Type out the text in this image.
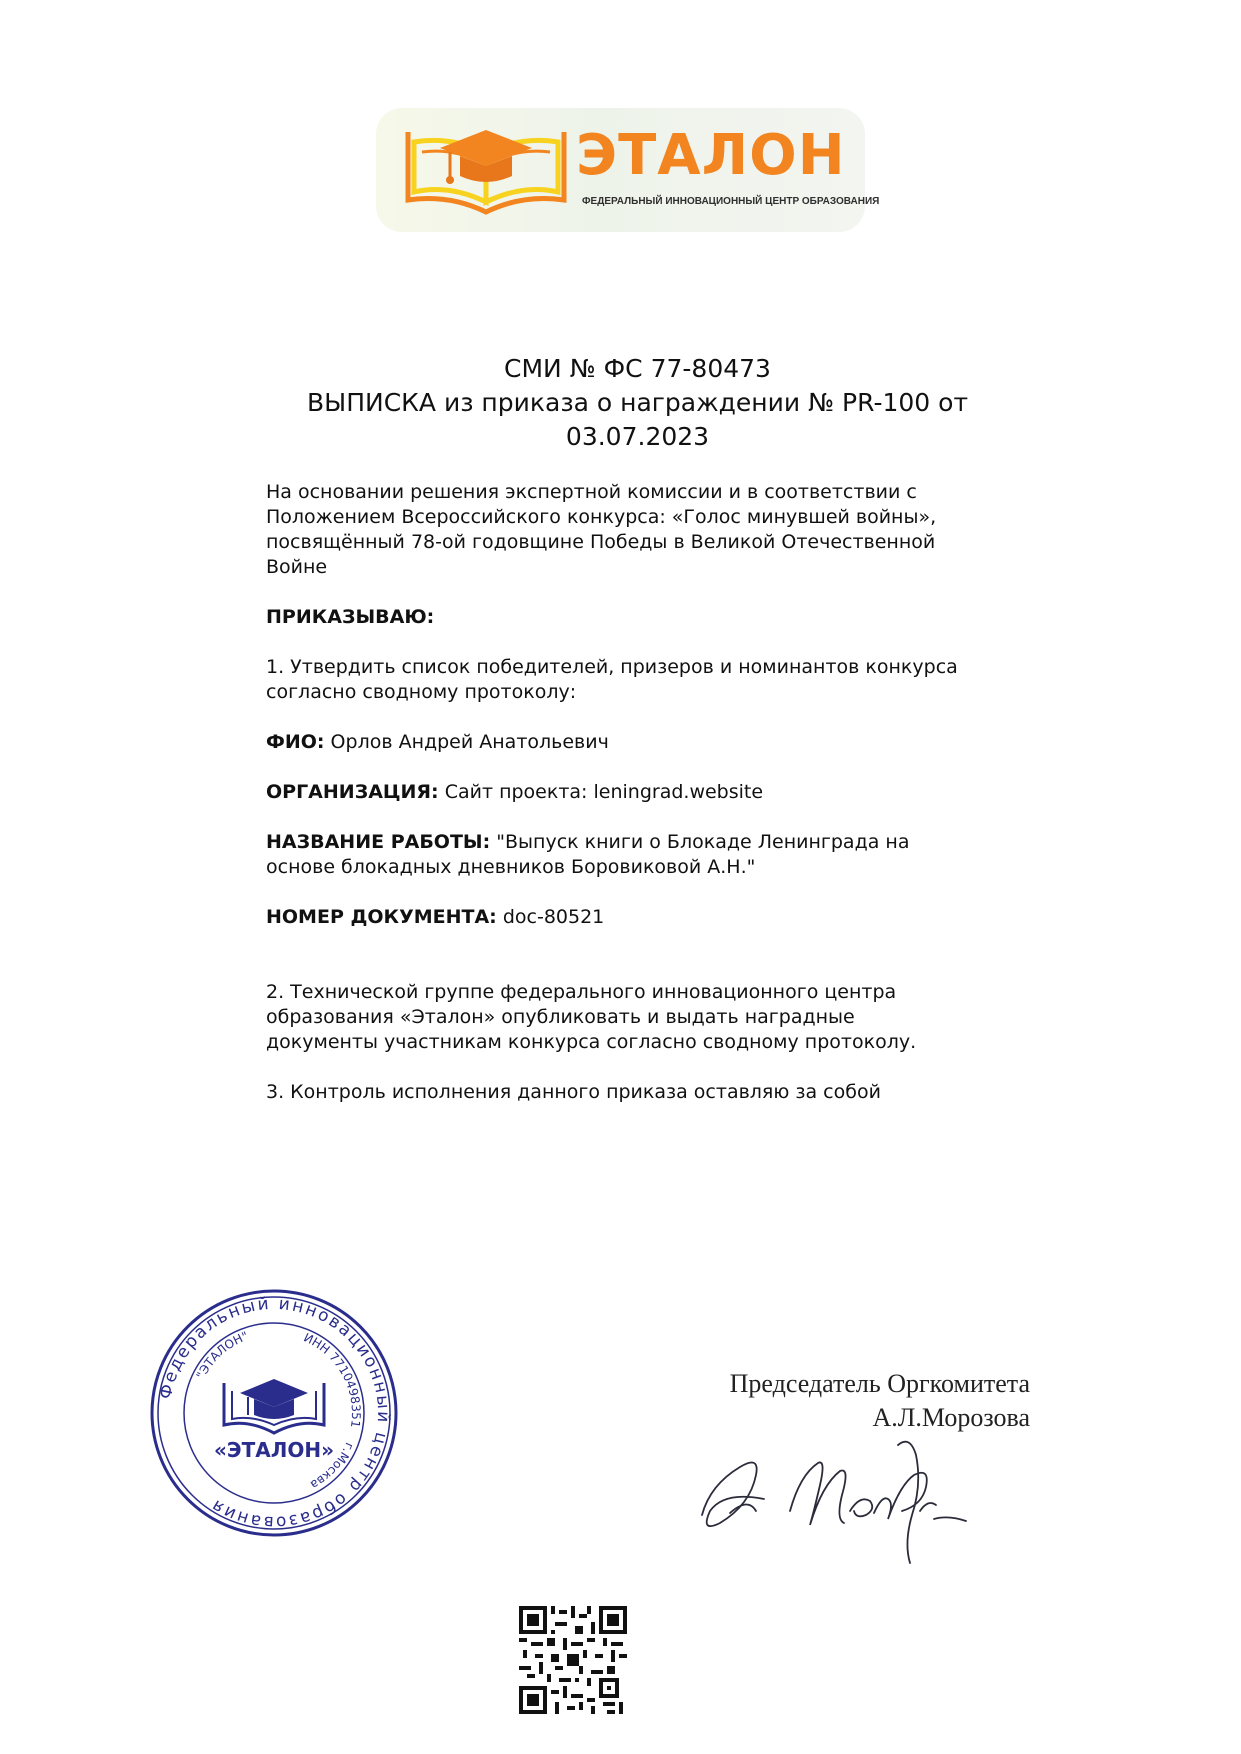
ЭТАЛОН
ФЕДЕРАЛЬНЫЙ ИННОВАЦИОННЫЙ ЦЕНТР ОБРАЗОВАНИЯ
СМИ № ФС 77-80473
ВЫПИСКА из приказа о награждении № PR-100 от
03.07.2023

На основании решения экспертной комиссии и в соответствии с

Положением Всероссийского конкурса: «Голос минувшей войны»,

посвящённый 78-ой годовщине Победы в Великой Отечественной

Войне

ПРИКАЗЫВАЮ:

1. Утвердить список победителей, призеров и номинантов конкурса

согласно сводному протоколу:

ФИО: Орлов Андрей Анатольевич

ОРГАНИЗАЦИЯ: Сайт проекта: leningrad.website

НАЗВАНИЕ РАБОТЫ: "Выпуск книги о Блокаде Ленинграда на

основе блокадных дневников Боровиковой А.Н."

НОМЕР ДОКУМЕНТА: doc-80521

2. Технической группе федерального инновационного центра

образования «Эталон» опубликовать и выдать наградные

документы участникам конкурса согласно сводному протоколу.

3. Контроль исполнения данного приказа оставляю за собой

Федеральный инновационный центр образования
ИНН 7710498351
г.Москва
"ЭТАЛОН"
«ЭТАЛОН»
Председатель Оргкомитета
А.Л.Морозова
